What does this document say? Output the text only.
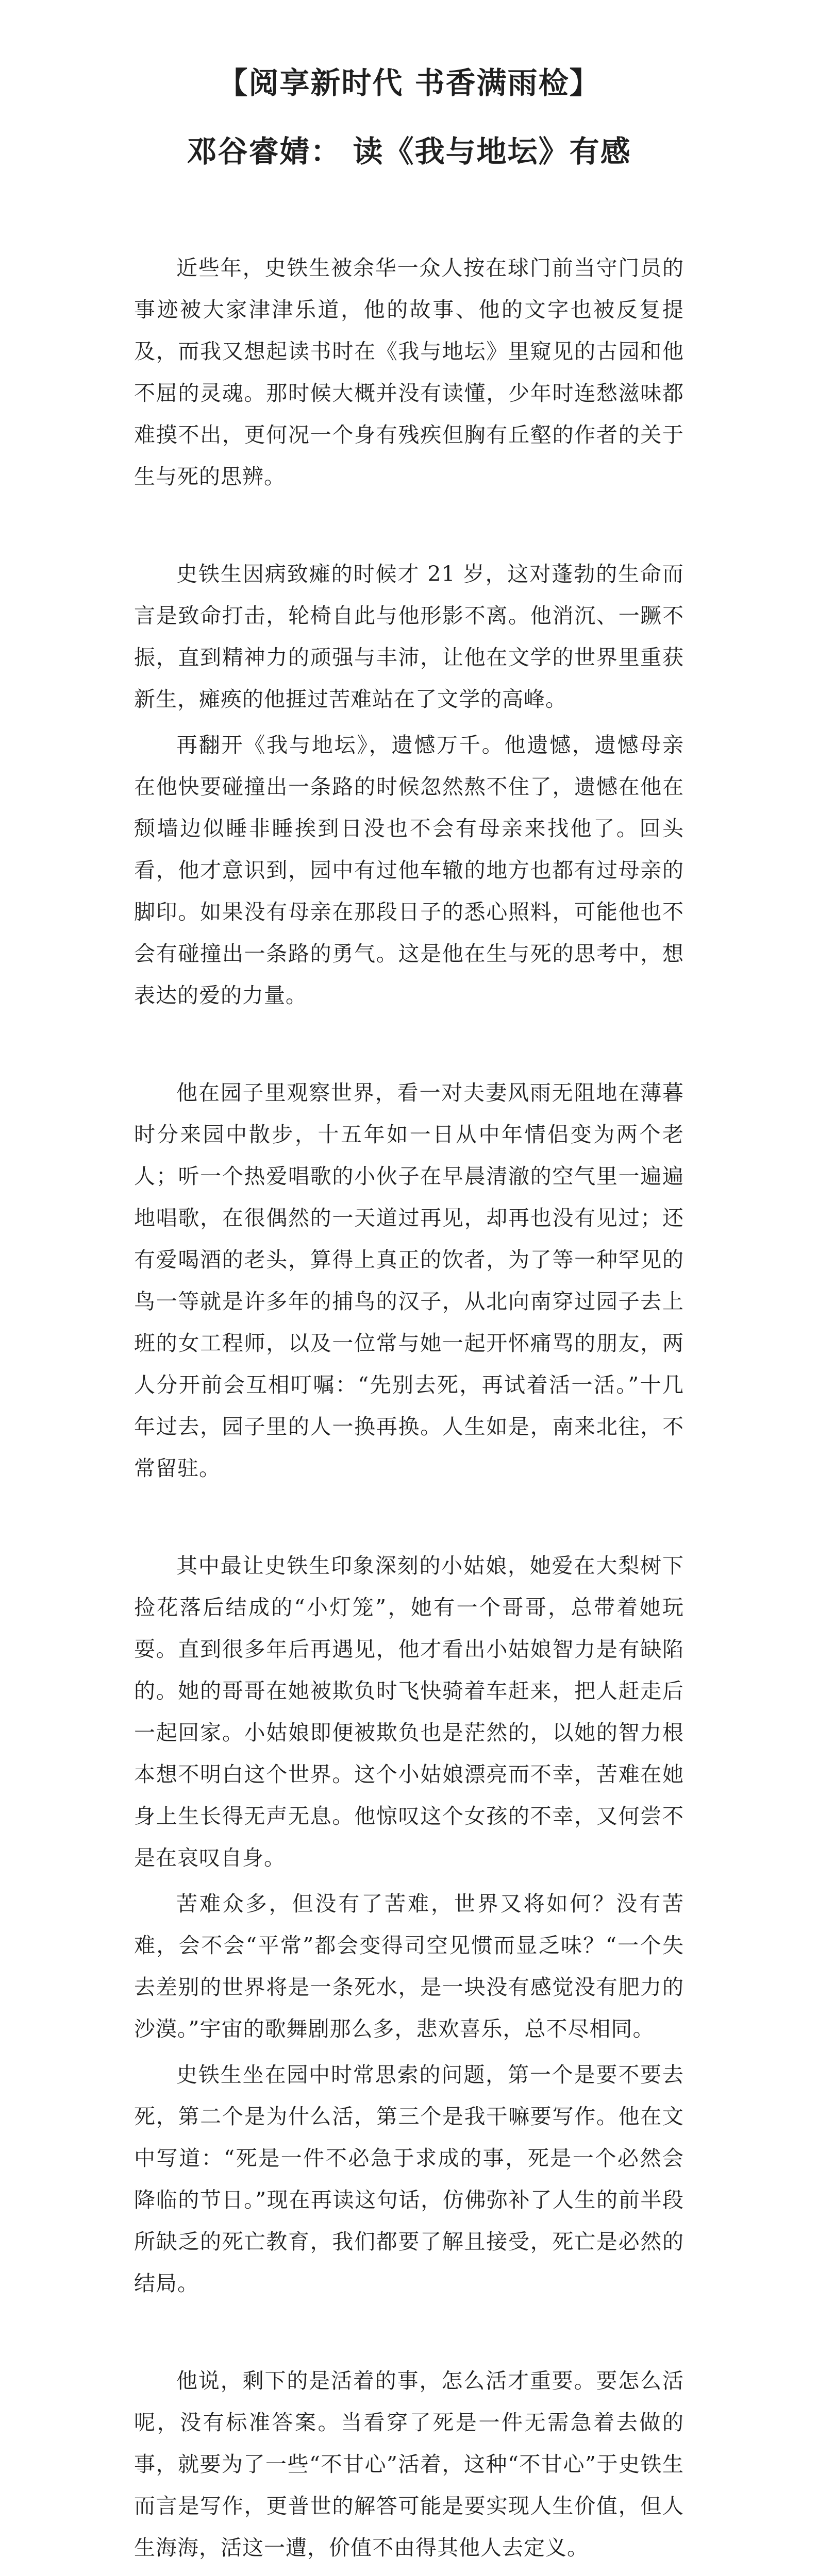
【阅享新时代 书香满雨检】
邓谷睿婧： 读《我与地坛》有感

近些年，史铁生被余华一众人按在球门前当守门员的事迹被大家津津乐道，他的故事、他的文字也被反复提及，而我又想起读书时在《我与地坛》里窥见的古园和他不屈的灵魂。那时候大概并没有读懂，少年时连愁滋味都难摸不出，更何况一个身有残疾但胸有丘壑的作者的关于生与死的思辨。

史铁生因病致瘫的时候才 21 岁，这对蓬勃的生命而言是致命打击，轮椅自此与他形影不离。他消沉、一蹶不振，直到精神力的顽强与丰沛，让他在文学的世界里重获新生，瘫痪的他捱过苦难站在了文学的高峰。

再翻开《我与地坛》，遗憾万千。他遗憾，遗憾母亲在他快要碰撞出一条路的时候忽然熬不住了，遗憾在他在颓墙边似睡非睡挨到日没也不会有母亲来找他了。回头看，他才意识到，园中有过他车辙的地方也都有过母亲的脚印。如果没有母亲在那段日子的悉心照料，可能他也不会有碰撞出一条路的勇气。这是他在生与死的思考中，想表达的爱的力量。

他在园子里观察世界，看一对夫妻风雨无阻地在薄暮时分来园中散步，十五年如一日从中年情侣变为两个老人；听一个热爱唱歌的小伙子在早晨清澈的空气里一遍遍地唱歌，在很偶然的一天道过再见，却再也没有见过；还有爱喝酒的老头，算得上真正的饮者，为了等一种罕见的鸟一等就是许多年的捕鸟的汉子，从北向南穿过园子去上班的女工程师，以及一位常与她一起开怀痛骂的朋友，两人分开前会互相叮嘱：“先别去死，再试着活一活。”十几年过去，园子里的人一换再换。人生如是，南来北往，不常留驻。

其中最让史铁生印象深刻的小姑娘，她爱在大梨树下捡花落后结成的“小灯笼”，她有一个哥哥，总带着她玩耍。直到很多年后再遇见，他才看出小姑娘智力是有缺陷的。她的哥哥在她被欺负时飞快骑着车赶来，把人赶走后一起回家。小姑娘即便被欺负也是茫然的，以她的智力根本想不明白这个世界。这个小姑娘漂亮而不幸，苦难在她身上生长得无声无息。他惊叹这个女孩的不幸，又何尝不是在哀叹自身。

苦难众多，但没有了苦难，世界又将如何？没有苦难，会不会“平常”都会变得司空见惯而显乏味？“一个失去差别的世界将是一条死水，是一块没有感觉没有肥力的沙漠。”宇宙的歌舞剧那么多，悲欢喜乐，总不尽相同。

史铁生坐在园中时常思索的问题，第一个是要不要去死，第二个是为什么活，第三个是我干嘛要写作。他在文中写道：“死是一件不必急于求成的事，死是一个必然会降临的节日。”现在再读这句话，仿佛弥补了人生的前半段所缺乏的死亡教育，我们都要了解且接受，死亡是必然的结局。

他说，剩下的是活着的事，怎么活才重要。要怎么活呢，没有标准答案。当看穿了死是一件无需急着去做的事，就要为了一些“不甘心”活着，这种“不甘心”于史铁生而言是写作，更普世的解答可能是要实现人生价值，但人生海海，活这一遭，价值不由得其他人去定义。
